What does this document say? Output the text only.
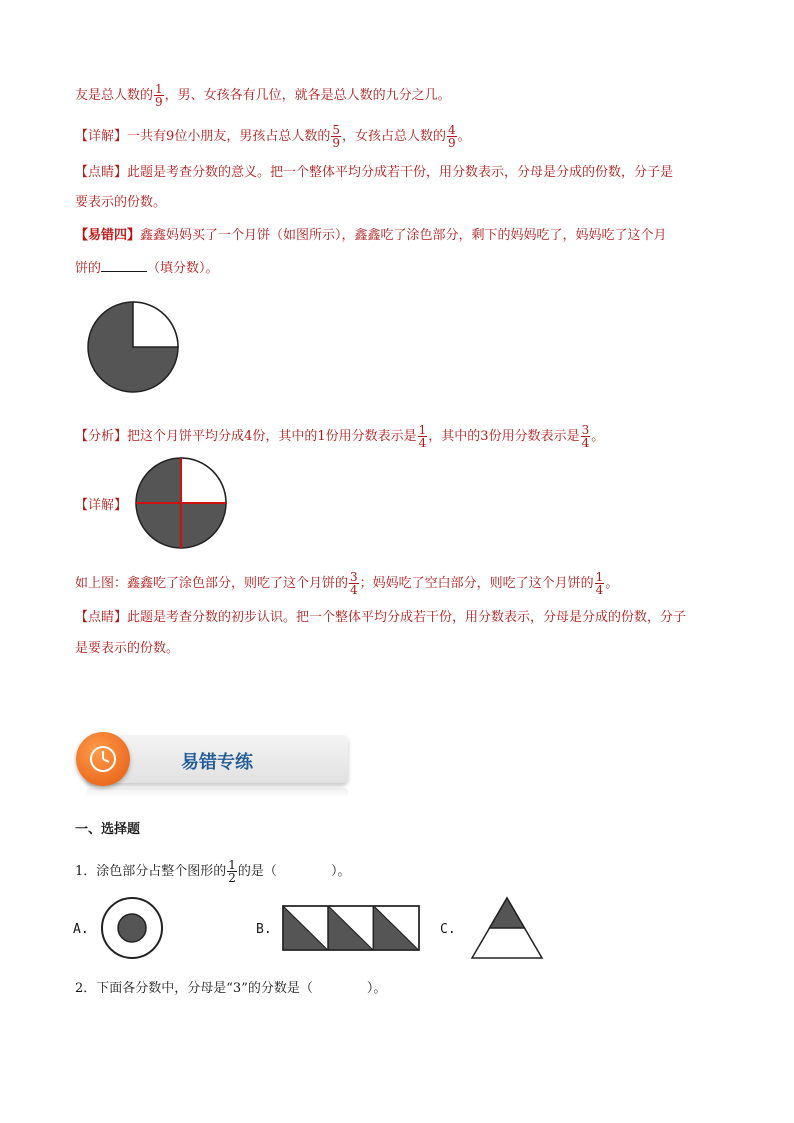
友是总人数的 $\frac{1}{9}$ ，男、女孩各有几位，就各是总人数的九分之几。
【详解】一共有9位小朋友，男孩占总人数的 $\frac{5}{9}$ ，女孩占总人数的 $\frac{4}{9}$ 。
【点睛】此题是考查分数的意义。把一个整体平均分成若干份，用分数表示，分母是分成的份数，分子是
要表示的份数。
【易错四】鑫鑫妈妈买了一个月饼（如图所示），鑫鑫吃了涂色部分，剩下的妈妈吃了，妈妈吃了这个月
饼的	（填分数）。
【分析】把这个月饼平均分成4份，其中的1份用分数表示是 $\frac{1}{4}$ ，其中的3份用分数表示是 $\frac{3}{4}$ 。
【详解】
如上图：鑫鑫吃了涂色部分，则吃了这个月饼的 $\frac{3}{4}$ ；妈妈吃了空白部分，则吃了这个月饼的 $\frac{1}{4}$ 。
【点睛】此题是考查分数的初步认识。把一个整体平均分成若干份，用分数表示，分母是分成的份数，分子
是要表示的份数。
易错专练
一、选择题
1．涂色部分占整个图形的 $\frac{1}{2}$ 的是（	）。
A.	B.	C.
2．下面各分数中，分母是“3”的分数是（	）。
